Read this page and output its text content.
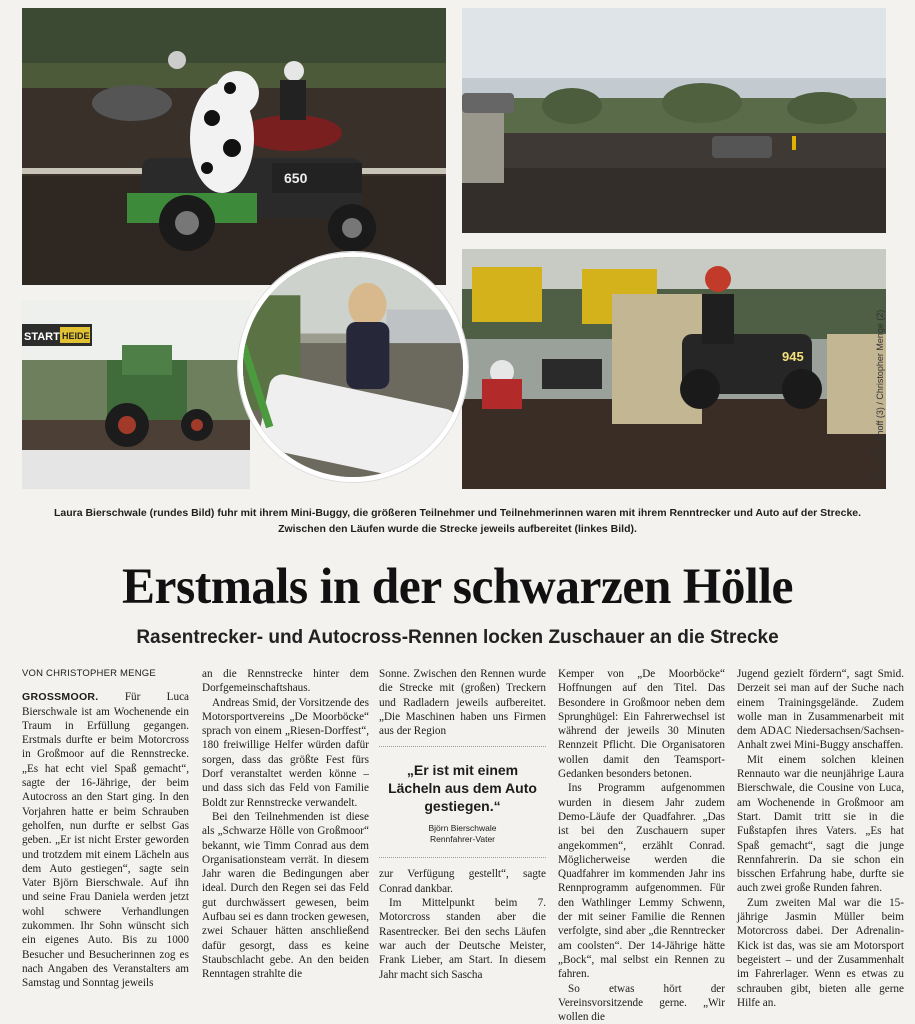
650
START HEIDE
945	David Borghoff (3) / Christopher Menge (2)
Laura Bierschwale (rundes Bild) fuhr mit ihrem Mini-Buggy, die größeren Teilnehmer und Teilnehmerinnen waren mit ihrem Renntrecker und Auto auf der Strecke. Zwischen den Läufen wurde die Strecke jeweils aufbereitet (linkes Bild).
Erstmals in der schwarzen Hölle
Rasentrecker- und Autocross-Rennen locken Zuschauer an die Strecke
VON CHRISTOPHER MENGE

GROSSMOOR. Für Luca Bierschwale ist am Wochenende ein Traum in Erfüllung gegangen. Erstmals durfte er beim Motorcross in Großmoor auf die Rennstrecke. „Es hat echt viel Spaß gemacht“, sagte der 16-Jährige, der beim Autocross an den Start ging. In den Vorjahren hatte er beim Schrauben geholfen, nun durfte er selbst Gas geben. „Er ist nicht Erster geworden und trotzdem mit einem Lächeln aus dem Auto gestiegen“, sagte sein Vater Björn Bierschwale. Auf ihn und seine Frau Daniela werden jetzt wohl schwere Verhandlungen zukommen. Ihr Sohn wünscht sich ein eigenes Auto. Bis zu 1000 Besucher und Besucherinnen zog es nach Angaben des Veranstalters am Samstag und Sonntag jeweils

an die Rennstrecke hinter dem Dorfgemeinschaftshaus.

Andreas Smid, der Vorsitzende des Motorsportvereins „De Moorböcke“ sprach von einem „Riesen-Dorffest“, 180 freiwillige Helfer würden dafür sorgen, dass das größte Fest fürs Dorf veranstaltet werden könne – und dass sich das Feld von Familie Boldt zur Rennstrecke verwandelt.

Bei den Teilnehmenden ist diese als „Schwarze Hölle von Großmoor“ bekannt, wie Timm Conrad aus dem Organisationsteam verrät. In diesem Jahr waren die Bedingungen aber ideal. Durch den Regen sei das Feld gut durchwässert gewesen, beim Aufbau sei es dann trocken gewesen, zwei Schauer hätten anschließend dafür gesorgt, dass es keine Staubschlacht gebe. An den beiden Renntagen strahlte die

Sonne. Zwischen den Rennen wurde die Strecke mit (großen) Treckern und Radladern jeweils aufbereitet. „Die Maschinen haben uns Firmen aus der Region

„Er ist mit einem Lächeln aus dem Auto gestiegen.“
Björn Bierschwale
Rennfahrer-Vater

zur Verfügung gestellt“, sagte Conrad dankbar.

Im Mittelpunkt beim 7. Motorcross standen aber die Rasentrecker. Bei den sechs Läufen war auch der Deutsche Meister, Frank Lieber, am Start. In diesem Jahr macht sich Sascha

Kemper von „De Moorböcke“ Hoffnungen auf den Titel. Das Besondere in Großmoor neben dem Sprunghügel: Ein Fahrerwechsel ist während der jeweils 30 Minuten Rennzeit Pflicht. Die Organisatoren wollen damit den Teamsport-Gedanken besonders betonen.

Ins Programm aufgenommen wurden in diesem Jahr zudem Demo-Läufe der Quadfahrer. „Das ist bei den Zuschauern super angekommen“, erzählt Conrad. Möglicherweise werden die Quadfahrer im kommenden Jahr ins Rennprogramm aufgenommen. Für den Wathlinger Lemmy Schwenn, der mit seiner Familie die Rennen verfolgte, sind aber „die Renntrecker am coolsten“. Der 14-Jährige hätte „Bock“, mal selbst ein Rennen zu fahren.

So etwas hört der Vereinsvorsitzende gerne. „Wir wollen die

Jugend gezielt fördern“, sagt Smid. Derzeit sei man auf der Suche nach einem Trainingsgelände. Zudem wolle man in Zusammenarbeit mit dem ADAC Niedersachsen/Sachsen-Anhalt zwei Mini-Buggy anschaffen.

Mit einem solchen kleinen Rennauto war die neunjährige Laura Bierschwale, die Cousine von Luca, am Wochenende in Großmoor am Start. Damit tritt sie in die Fußstapfen ihres Vaters. „Es hat Spaß gemacht“, sagt die junge Rennfahrerin. Da sie schon ein bisschen Erfahrung habe, durfte sie auch zwei große Runden fahren.

Zum zweiten Mal war die 15-jährige Jasmin Müller beim Motorcross dabei. Der Adrenalin-Kick ist das, was sie am Motorsport begeistert – und der Zusammenhalt im Fahrerlager. Wenn es etwas zu schrauben gibt, bieten alle gerne Hilfe an.
